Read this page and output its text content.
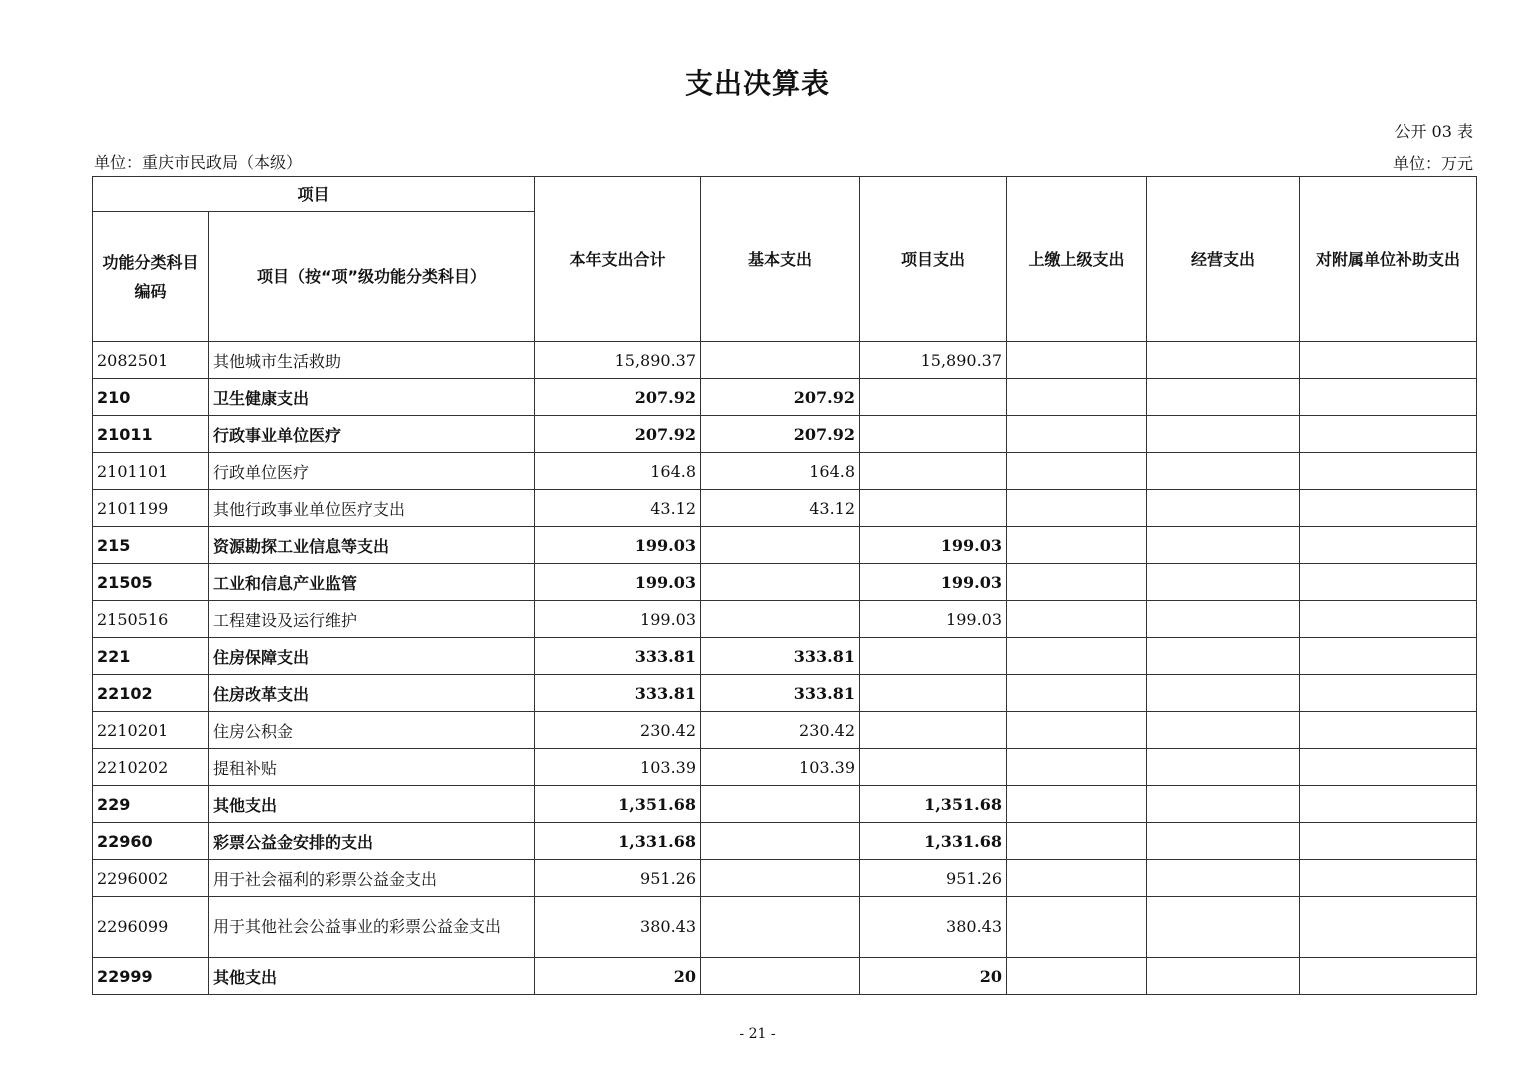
支出决算表
公开 03 表
单位：重庆市民政局（本级）	单位：万元
项目		本年支出合计	基本支出	项目支出	上缴上级支出	经营支出	对附属单位补助支出
功能分类科目编码	项目（按“项”级功能分类科目）						
2082501	其他城市生活救助	15,890.37		15,890.37			
210	卫生健康支出	207.92	207.92				
21011	行政事业单位医疗	207.92	207.92				
2101101	行政单位医疗	164.8	164.8				
2101199	其他行政事业单位医疗支出	43.12	43.12				
215	资源勘探工业信息等支出	199.03		199.03			
21505	工业和信息产业监管	199.03		199.03			
2150516	工程建设及运行维护	199.03		199.03			
221	住房保障支出	333.81	333.81				
22102	住房改革支出	333.81	333.81				
2210201	住房公积金	230.42	230.42				
2210202	提租补贴	103.39	103.39				
229	其他支出	1,351.68		1,351.68			
22960	彩票公益金安排的支出	1,331.68		1,331.68			
2296002	用于社会福利的彩票公益金支出	951.26		951.26			
2296099	用于其他社会公益事业的彩票公益金支出	380.43		380.43			
22999	其他支出	20		20			
- 21 -
